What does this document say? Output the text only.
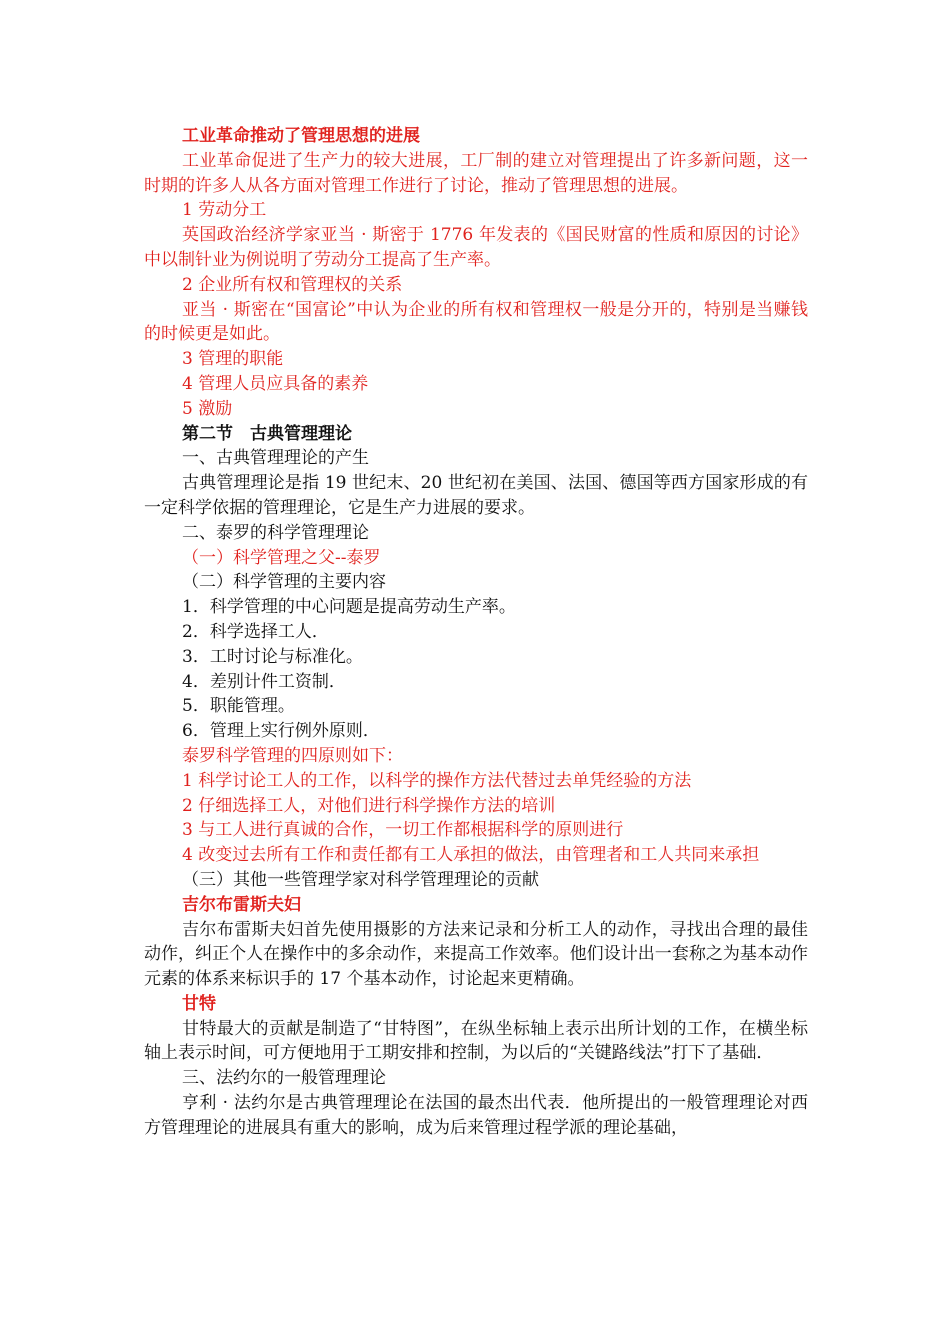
工业革命推动了管理思想的进展

工业革命促进了生产力的较大进展，工厂制的建立对管理提出了许多新问题，这一时期的许多人从各方面对管理工作进行了讨论，推动了管理思想的进展。

1 劳动分工

英国政治经济学家亚当 · 斯密于 1776 年发表的《国民财富的性质和原因的讨论》中以制针业为例说明了劳动分工提高了生产率。

2 企业所有权和管理权的关系

亚当 · 斯密在“国富论”中认为企业的所有权和管理权一般是分开的，特别是当赚钱的时候更是如此。

3 管理的职能

4 管理人员应具备的素养

5 激励

第二节　古典管理理论

一、古典管理理论的产生

古典管理理论是指 19 世纪末、20 世纪初在美国、法国、德国等西方国家形成的有一定科学依据的管理理论，它是生产力进展的要求。

二、泰罗的科学管理理论

（一）科学管理之父--泰罗

（二）科学管理的主要内容

1．科学管理的中心问题是提高劳动生产率。

2．科学选择工人．

3．工时讨论与标准化。

4．差别计件工资制．

5．职能管理。

6．管理上实行例外原则．

泰罗科学管理的四原则如下：

1 科学讨论工人的工作，以科学的操作方法代替过去单凭经验的方法

2 仔细选择工人，对他们进行科学操作方法的培训

3 与工人进行真诚的合作，一切工作都根据科学的原则进行

4 改变过去所有工作和责任都有工人承担的做法，由管理者和工人共同来承担

（三）其他一些管理学家对科学管理理论的贡献

吉尔布雷斯夫妇

吉尔布雷斯夫妇首先使用摄影的方法来记录和分析工人的动作，寻找出合理的最佳动作，纠正个人在操作中的多余动作，来提高工作效率。他们设计出一套称之为基本动作元素的体系来标识手的 17 个基本动作，讨论起来更精确。

甘特

甘特最大的贡献是制造了“甘特图”，在纵坐标轴上表示出所计划的工作，在横坐标轴上表示时间，可方便地用于工期安排和控制，为以后的“关键路线法”打下了基础．

三、法约尔的一般管理理论

亨利 · 法约尔是古典管理理论在法国的最杰出代表．他所提出的一般管理理论对西方管理理论的进展具有重大的影响，成为后来管理过程学派的理论基础，
